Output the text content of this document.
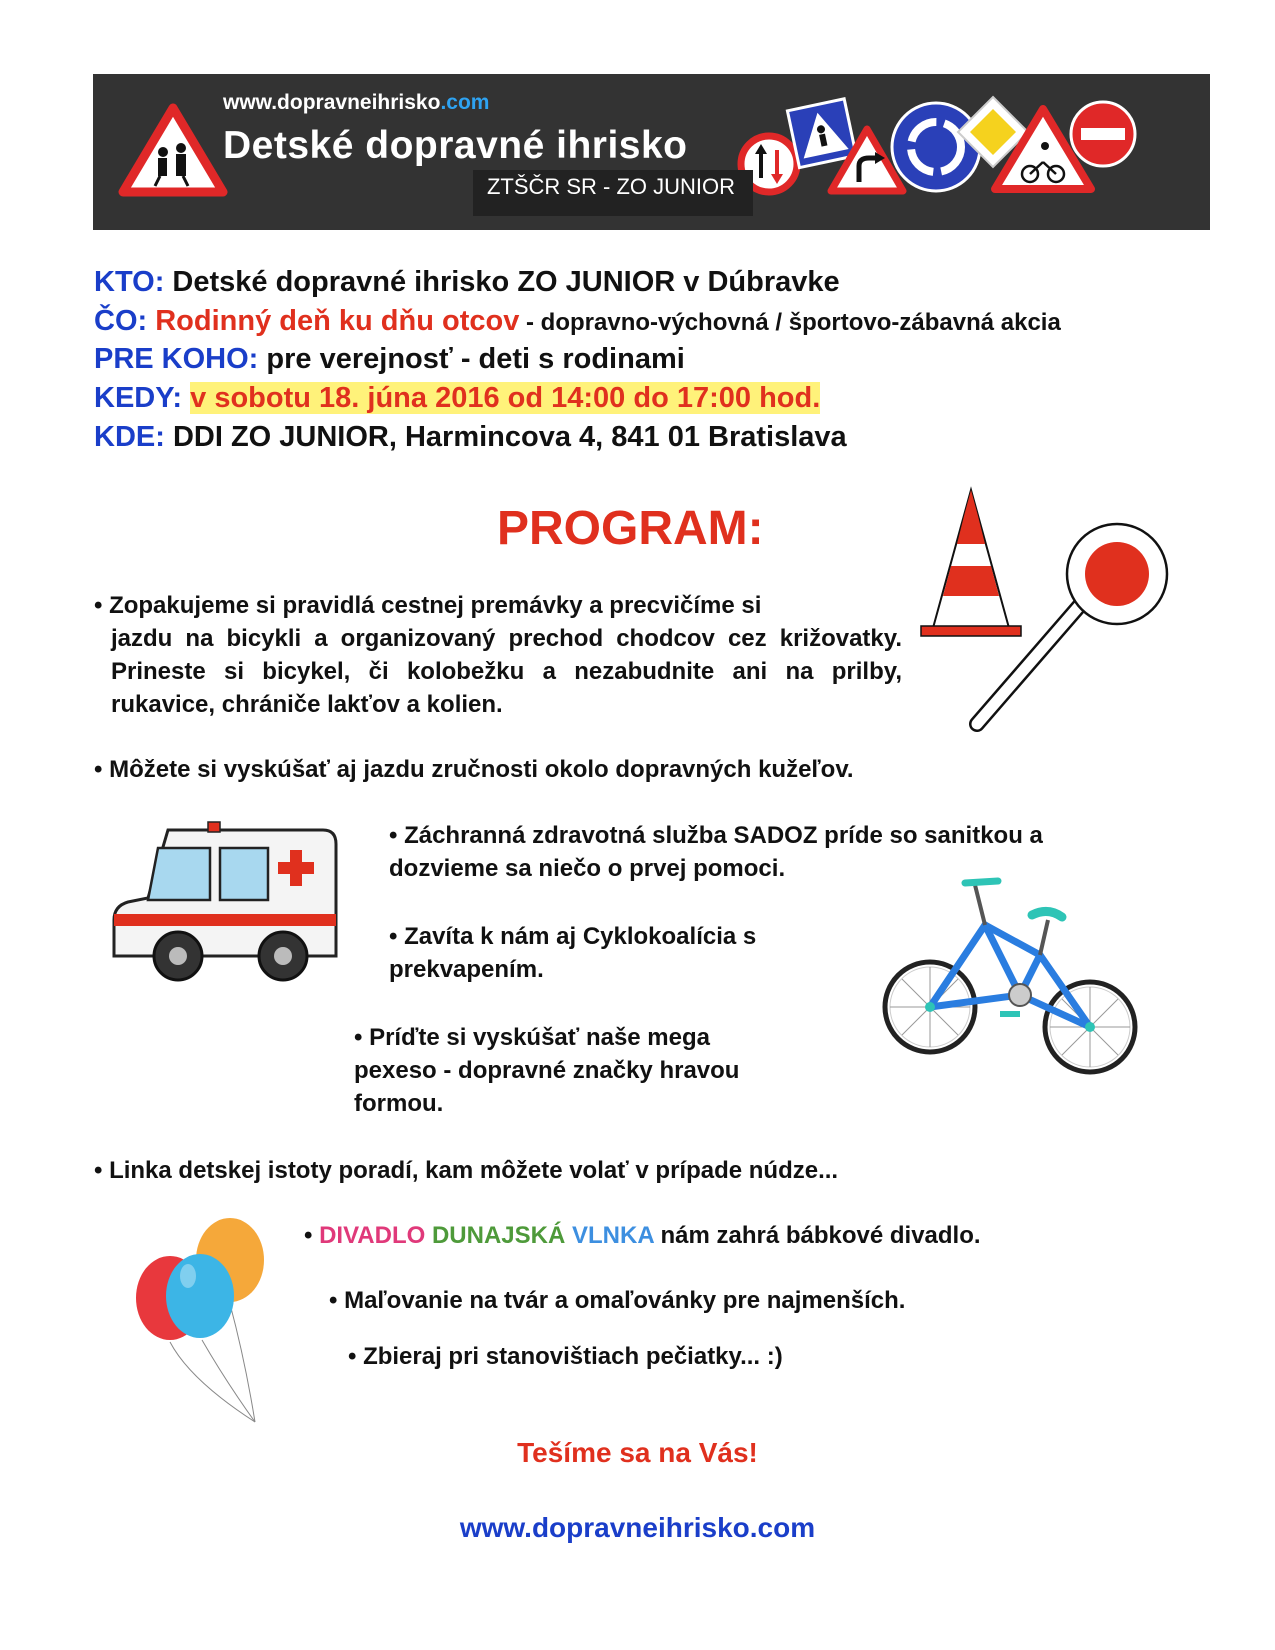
www.dopravneihrisko.com
Detské dopravné ihrisko
ZTŠČR SR - ZO JUNIOR
KTO: Detské dopravné ihrisko ZO JUNIOR v Dúbravke
ČO: Rodinný deň ku dňu otcov - dopravno-výchovná / športovo-zábavná akcia
PRE KOHO: pre verejnosť - deti s rodinami
KEDY: v sobotu 18. júna 2016 od 14:00 do 17:00 hod.
KDE: DDI ZO JUNIOR, Harmincova 4, 841 01 Bratislava
PROGRAM:
• Zopakujeme si pravidlá cestnej premávky a precvičíme si
jazdu na bicykli a organizovaný prechod chodcov cez križovatky. Prineste si bicykel, či kolobežku a nezabudnite ani na prilby, rukavice, chrániče lakťov a kolien.
• Môžete si vyskúšať aj jazdu zručnosti okolo dopravných kužeľov.
• Záchranná zdravotná služba SADOZ príde so sanitkou a dozvieme sa niečo o prvej pomoci.
• Zavíta k nám aj Cyklokoalícia s prekvapením.
• Príďte si vyskúšať naše mega pexeso - dopravné značky hravou formou.
• Linka detskej istoty poradí, kam môžete volať v prípade núdze...
• DIVADLO DUNAJSKÁ VLNKA nám zahrá bábkové divadlo.
• Maľovanie na tvár a omaľovánky pre najmenších.
• Zbieraj pri stanovištiach pečiatky... :)
Tešíme sa na Vás!
www.dopravneihrisko.com
